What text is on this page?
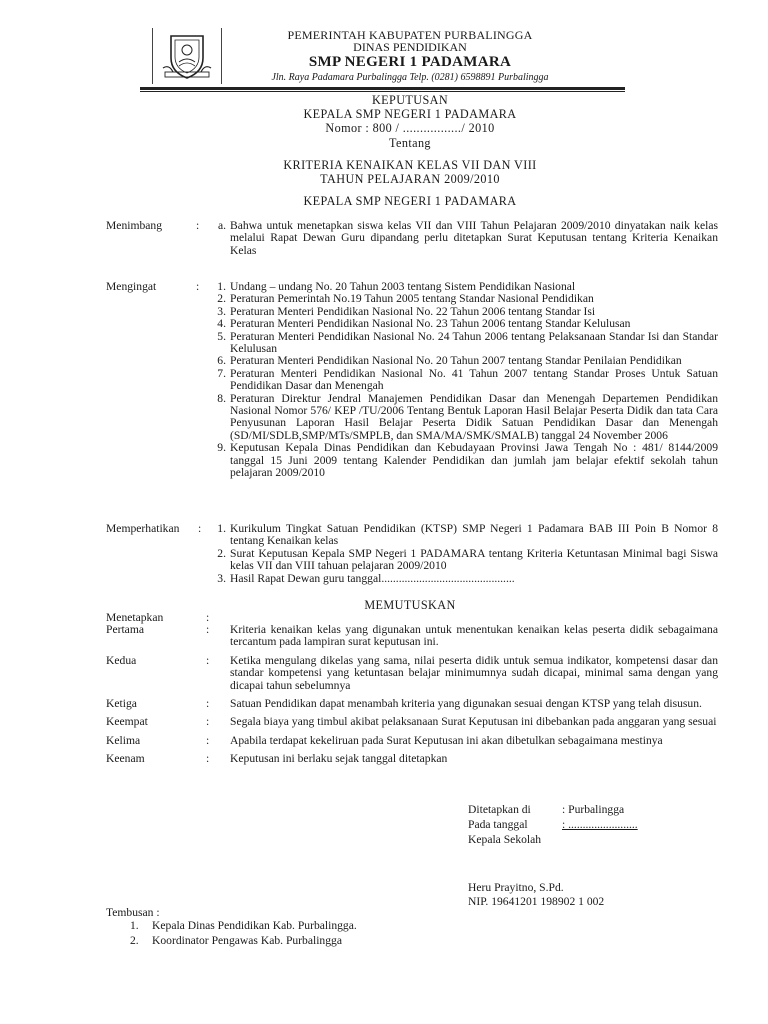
PEMERINTAH KABUPATEN PURBALINGGA
DINAS PENDIDIKAN
SMP NEGERI 1 PADAMARA
Jln. Raya Padamara Purbalingga Telp. (0281) 6598891 Purbalingga
KEPUTUSAN
KEPALA SMP NEGERI 1 PADAMARA
Nomor : 800 / ................./ 2010
Tentang
KRITERIA KENAIKAN KELAS VII DAN VIII
TAHUN PELAJARAN 2009/2010
KEPALA SMP NEGERI 1 PADAMARA
Menimbang	:	a. Bahwa untuk menetapkan siswa kelas VII dan VIII Tahun Pelajaran 2009/2010 dinyatakan naik kelas melalui Rapat Dewan Guru dipandang perlu ditetapkan Surat Keputusan tentang Kriteria Kenaikan Kelas
Mengingat	:	1. Undang – undang No. 20 Tahun 2003 tentang Sistem Pendidikan Nasional
2. Peraturan Pemerintah No.19 Tahun 2005 tentang Standar Nasional Pendidikan
3. Peraturan Menteri Pendidikan Nasional No. 22 Tahun 2006 tentang Standar Isi
4. Peraturan Menteri Pendidikan Nasional No. 23 Tahun 2006 tentang Standar Kelulusan
5. Peraturan Menteri Pendidikan Nasional No. 24 Tahun 2006 tentang Pelaksanaan Standar Isi dan Standar Kelulusan
6. Peraturan Menteri Pendidikan Nasional No. 20 Tahun 2007 tentang Standar Penilaian Pendidikan
7. Peraturan Menteri Pendidikan Nasional No. 41 Tahun 2007 tentang Standar Proses Untuk Satuan Pendidikan Dasar dan Menengah
8. Peraturan Direktur Jendral Manajemen Pendidikan Dasar dan Menengah Departemen Pendidikan Nasional Nomor 576/ KEP /TU/2006 Tentang Bentuk Laporan Hasil Belajar Peserta Didik dan tata Cara Penyusunan Laporan Hasil Belajar Peserta Didik Satuan Pendidikan Dasar dan Menengah (SD/MI/SDLB,SMP/MTs/SMPLB, dan SMA/MA/SMK/SMALB) tanggal 24 November 2006
9. Keputusan Kepala Dinas Pendidikan dan Kebudayaan Provinsi Jawa Tengah No : 481/ 8144/2009 tanggal 15 Juni 2009 tentang Kalender Pendidikan dan jumlah jam belajar efektif sekolah tahun pelajaran 2009/2010
Memperhatikan :	1. Kurikulum Tingkat Satuan Pendidikan (KTSP) SMP Negeri 1 Padamara BAB III Poin B Nomor 8 tentang Kenaikan kelas
2. Surat Keputusan Kepala SMP Negeri 1 PADAMARA tentang Kriteria Ketuntasan Minimal bagi Siswa kelas VII dan VIII tahuan pelajaran 2009/2010
3. Hasil Rapat Dewan guru tanggal..............................................
MEMUTUSKAN
Menetapkan	:
Pertama	: Kriteria kenaikan kelas yang digunakan untuk menentukan kenaikan kelas peserta didik sebagaimana tercantum pada lampiran surat keputusan ini.
Kedua	: Ketika mengulang dikelas yang sama, nilai peserta didik untuk semua indikator, kompetensi dasar dan standar kompetensi yang ketuntasan belajar minimumnya sudah dicapai, minimal sama dengan yang dicapai tahun sebelumnya
Ketiga	: Satuan Pendidikan dapat menambah kriteria yang digunakan sesuai dengan KTSP yang telah disusun.
Keempat	: Segala biaya yang timbul akibat pelaksanaan Surat Keputusan ini dibebankan pada anggaran yang sesuai
Kelima	: Apabila terdapat kekeliruan pada Surat Keputusan ini akan dibetulkan sebagaimana mestinya
Keenam	: Keputusan ini berlaku sejak tanggal ditetapkan
Ditetapkan di	: Purbalingga
Pada tanggal	: ........................
Kepala Sekolah
Heru Prayitno, S.Pd.
NIP. 19641201 198902 1 002
Tembusan :
1. Kepala Dinas Pendidikan Kab. Purbalingga.
2. Koordinator Pengawas Kab. Purbalingga
